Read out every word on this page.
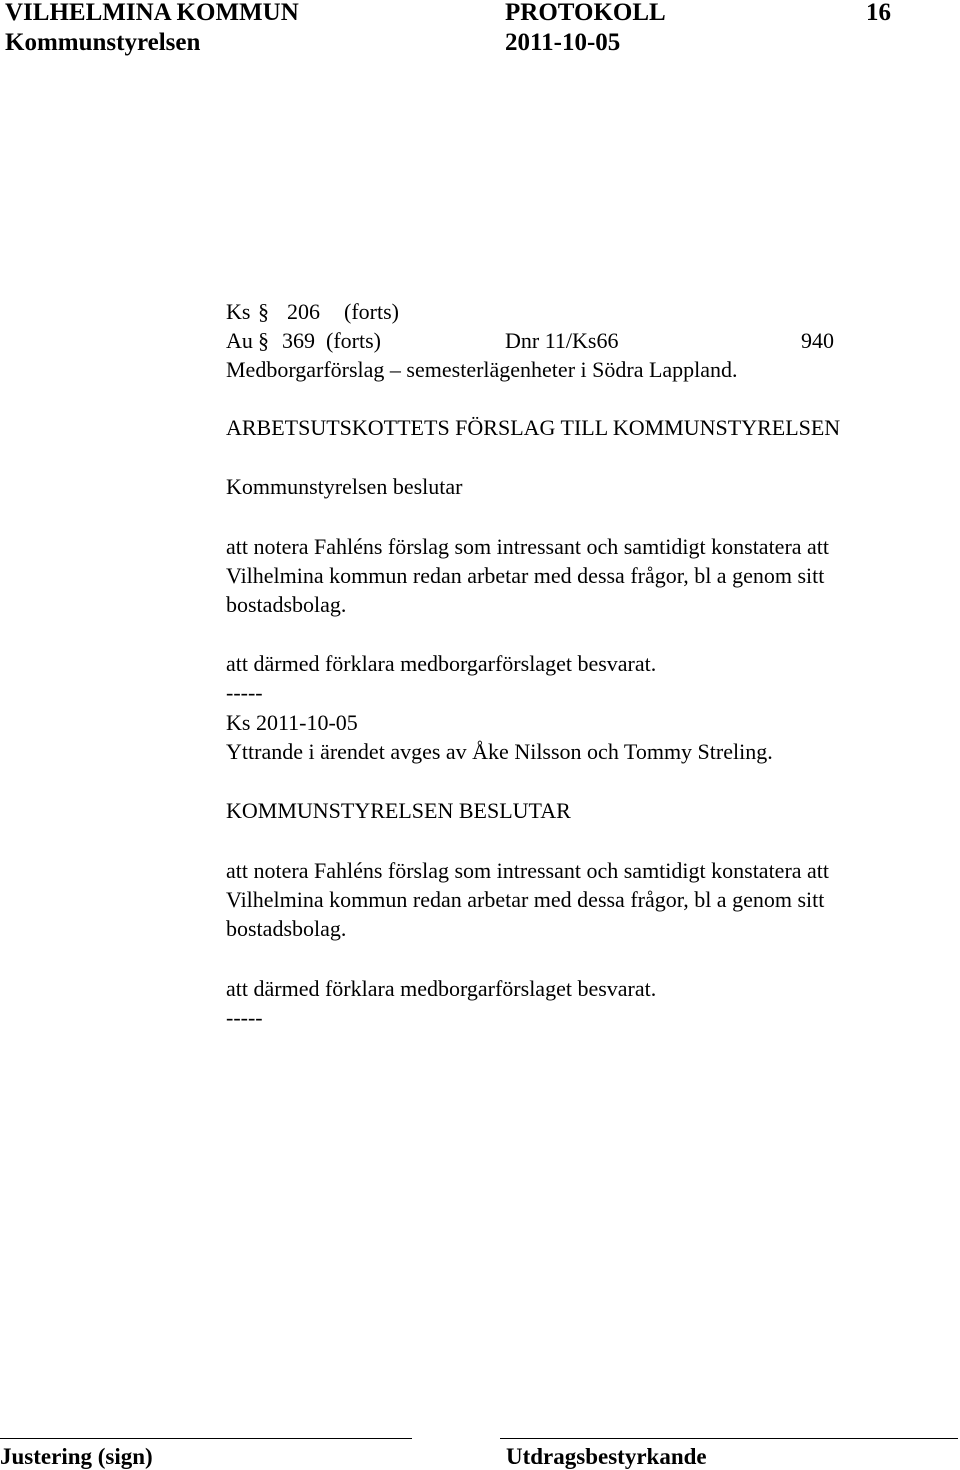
VILHELMINA KOMMUN	PROTOKOLL	16
Kommunstyrelsen	2011-10-05
Ks § 206 (forts)
Au § 369 (forts)	Dnr 11/Ks66	940
Medborgarförslag – semesterlägenheter i Södra Lappland.
ARBETSUTSKOTTETS FÖRSLAG TILL KOMMUNSTYRELSEN
Kommunstyrelsen beslutar
att notera Fahléns förslag som intressant och samtidigt konstatera att
Vilhelmina kommun redan arbetar med dessa frågor, bl a genom sitt
bostadsbolag.
att därmed förklara medborgarförslaget besvarat.
-----
Ks 2011-10-05
Yttrande i ärendet avges av Åke Nilsson och Tommy Streling.
KOMMUNSTYRELSEN BESLUTAR
att notera Fahléns förslag som intressant och samtidigt konstatera att
Vilhelmina kommun redan arbetar med dessa frågor, bl a genom sitt
bostadsbolag.
att därmed förklara medborgarförslaget besvarat.
-----
Justering (sign)	Utdragsbestyrkande
